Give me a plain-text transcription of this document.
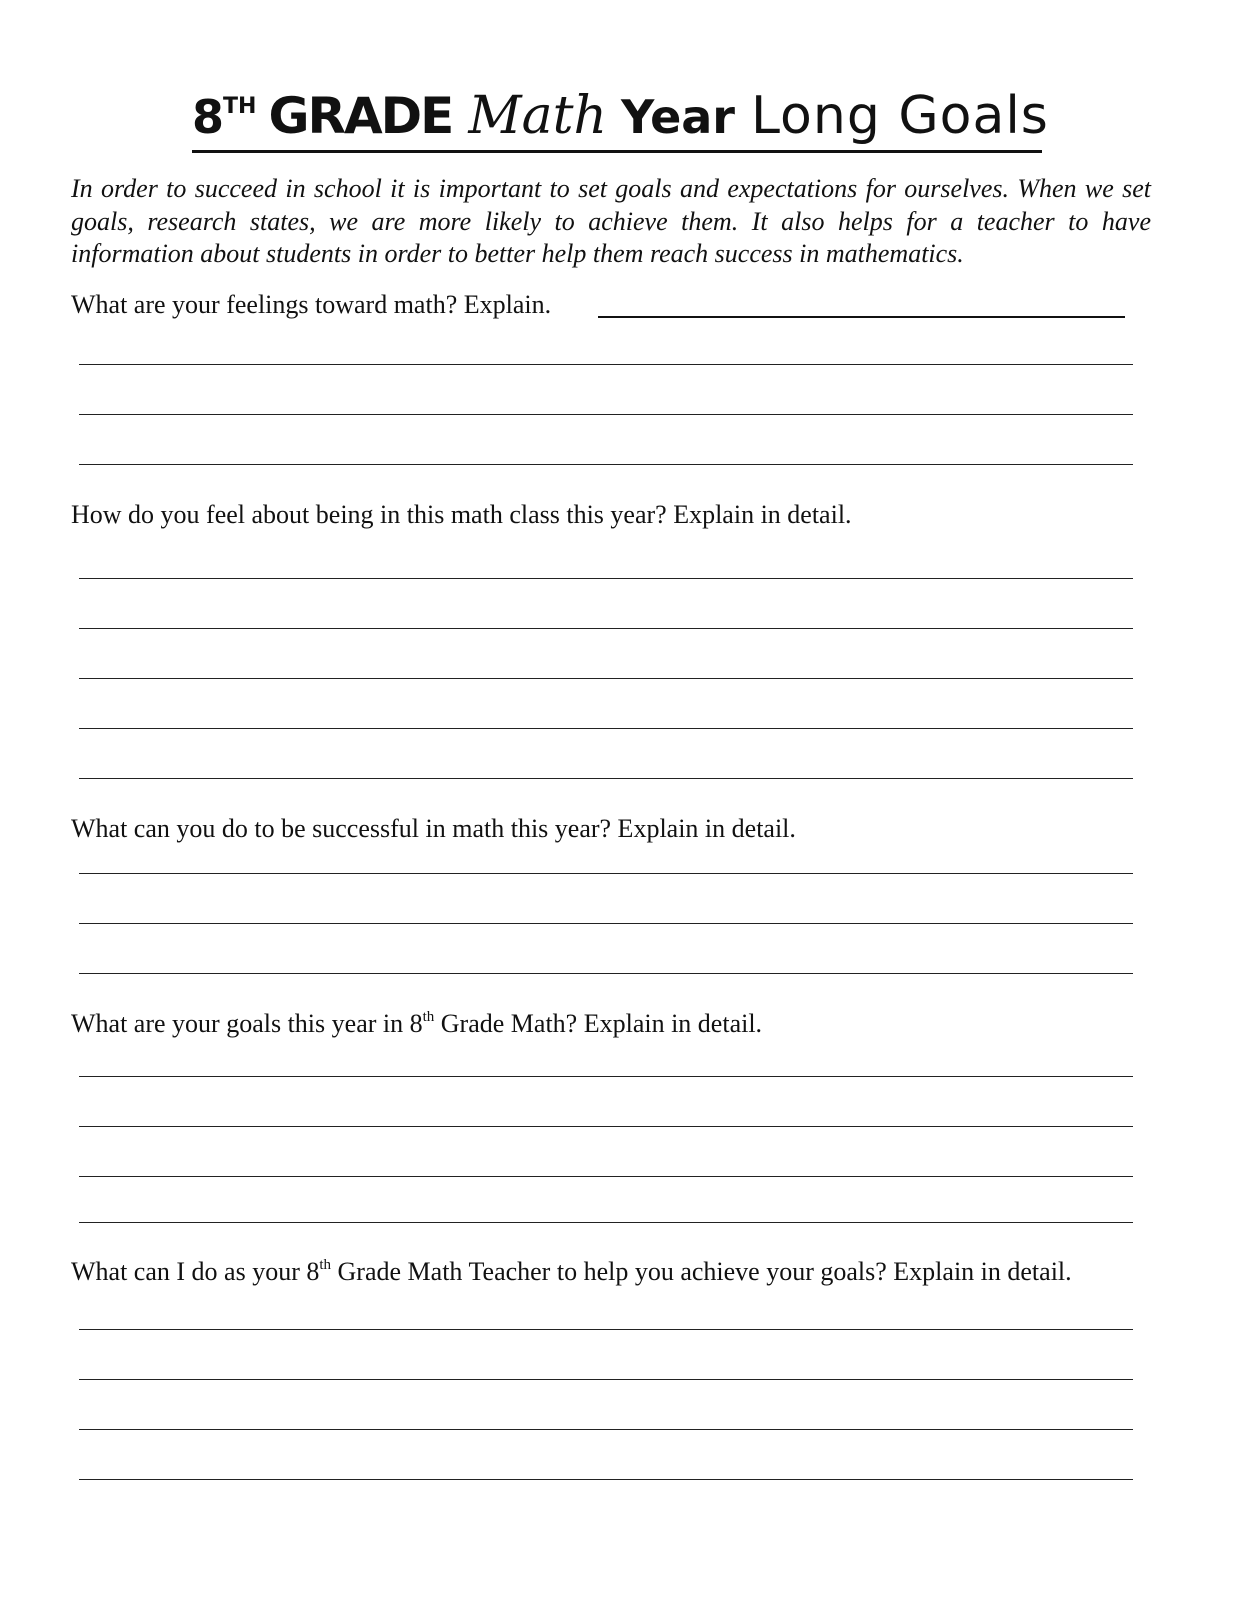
8TH GRADE Math Year Long Goals

In order to succeed in school it is important to set goals and expectations for ourselves. When we set goals, research states, we are more likely to achieve them. It also helps for a teacher to have information about students in order to better help them reach success in mathematics.

What are your feelings toward math? Explain.
How do you feel about being in this math class this year? Explain in detail.
What can you do to be successful in math this year? Explain in detail.
What are your goals this year in 8th Grade Math? Explain in detail.
What can I do as your 8th Grade Math Teacher to help you achieve your goals? Explain in detail.
